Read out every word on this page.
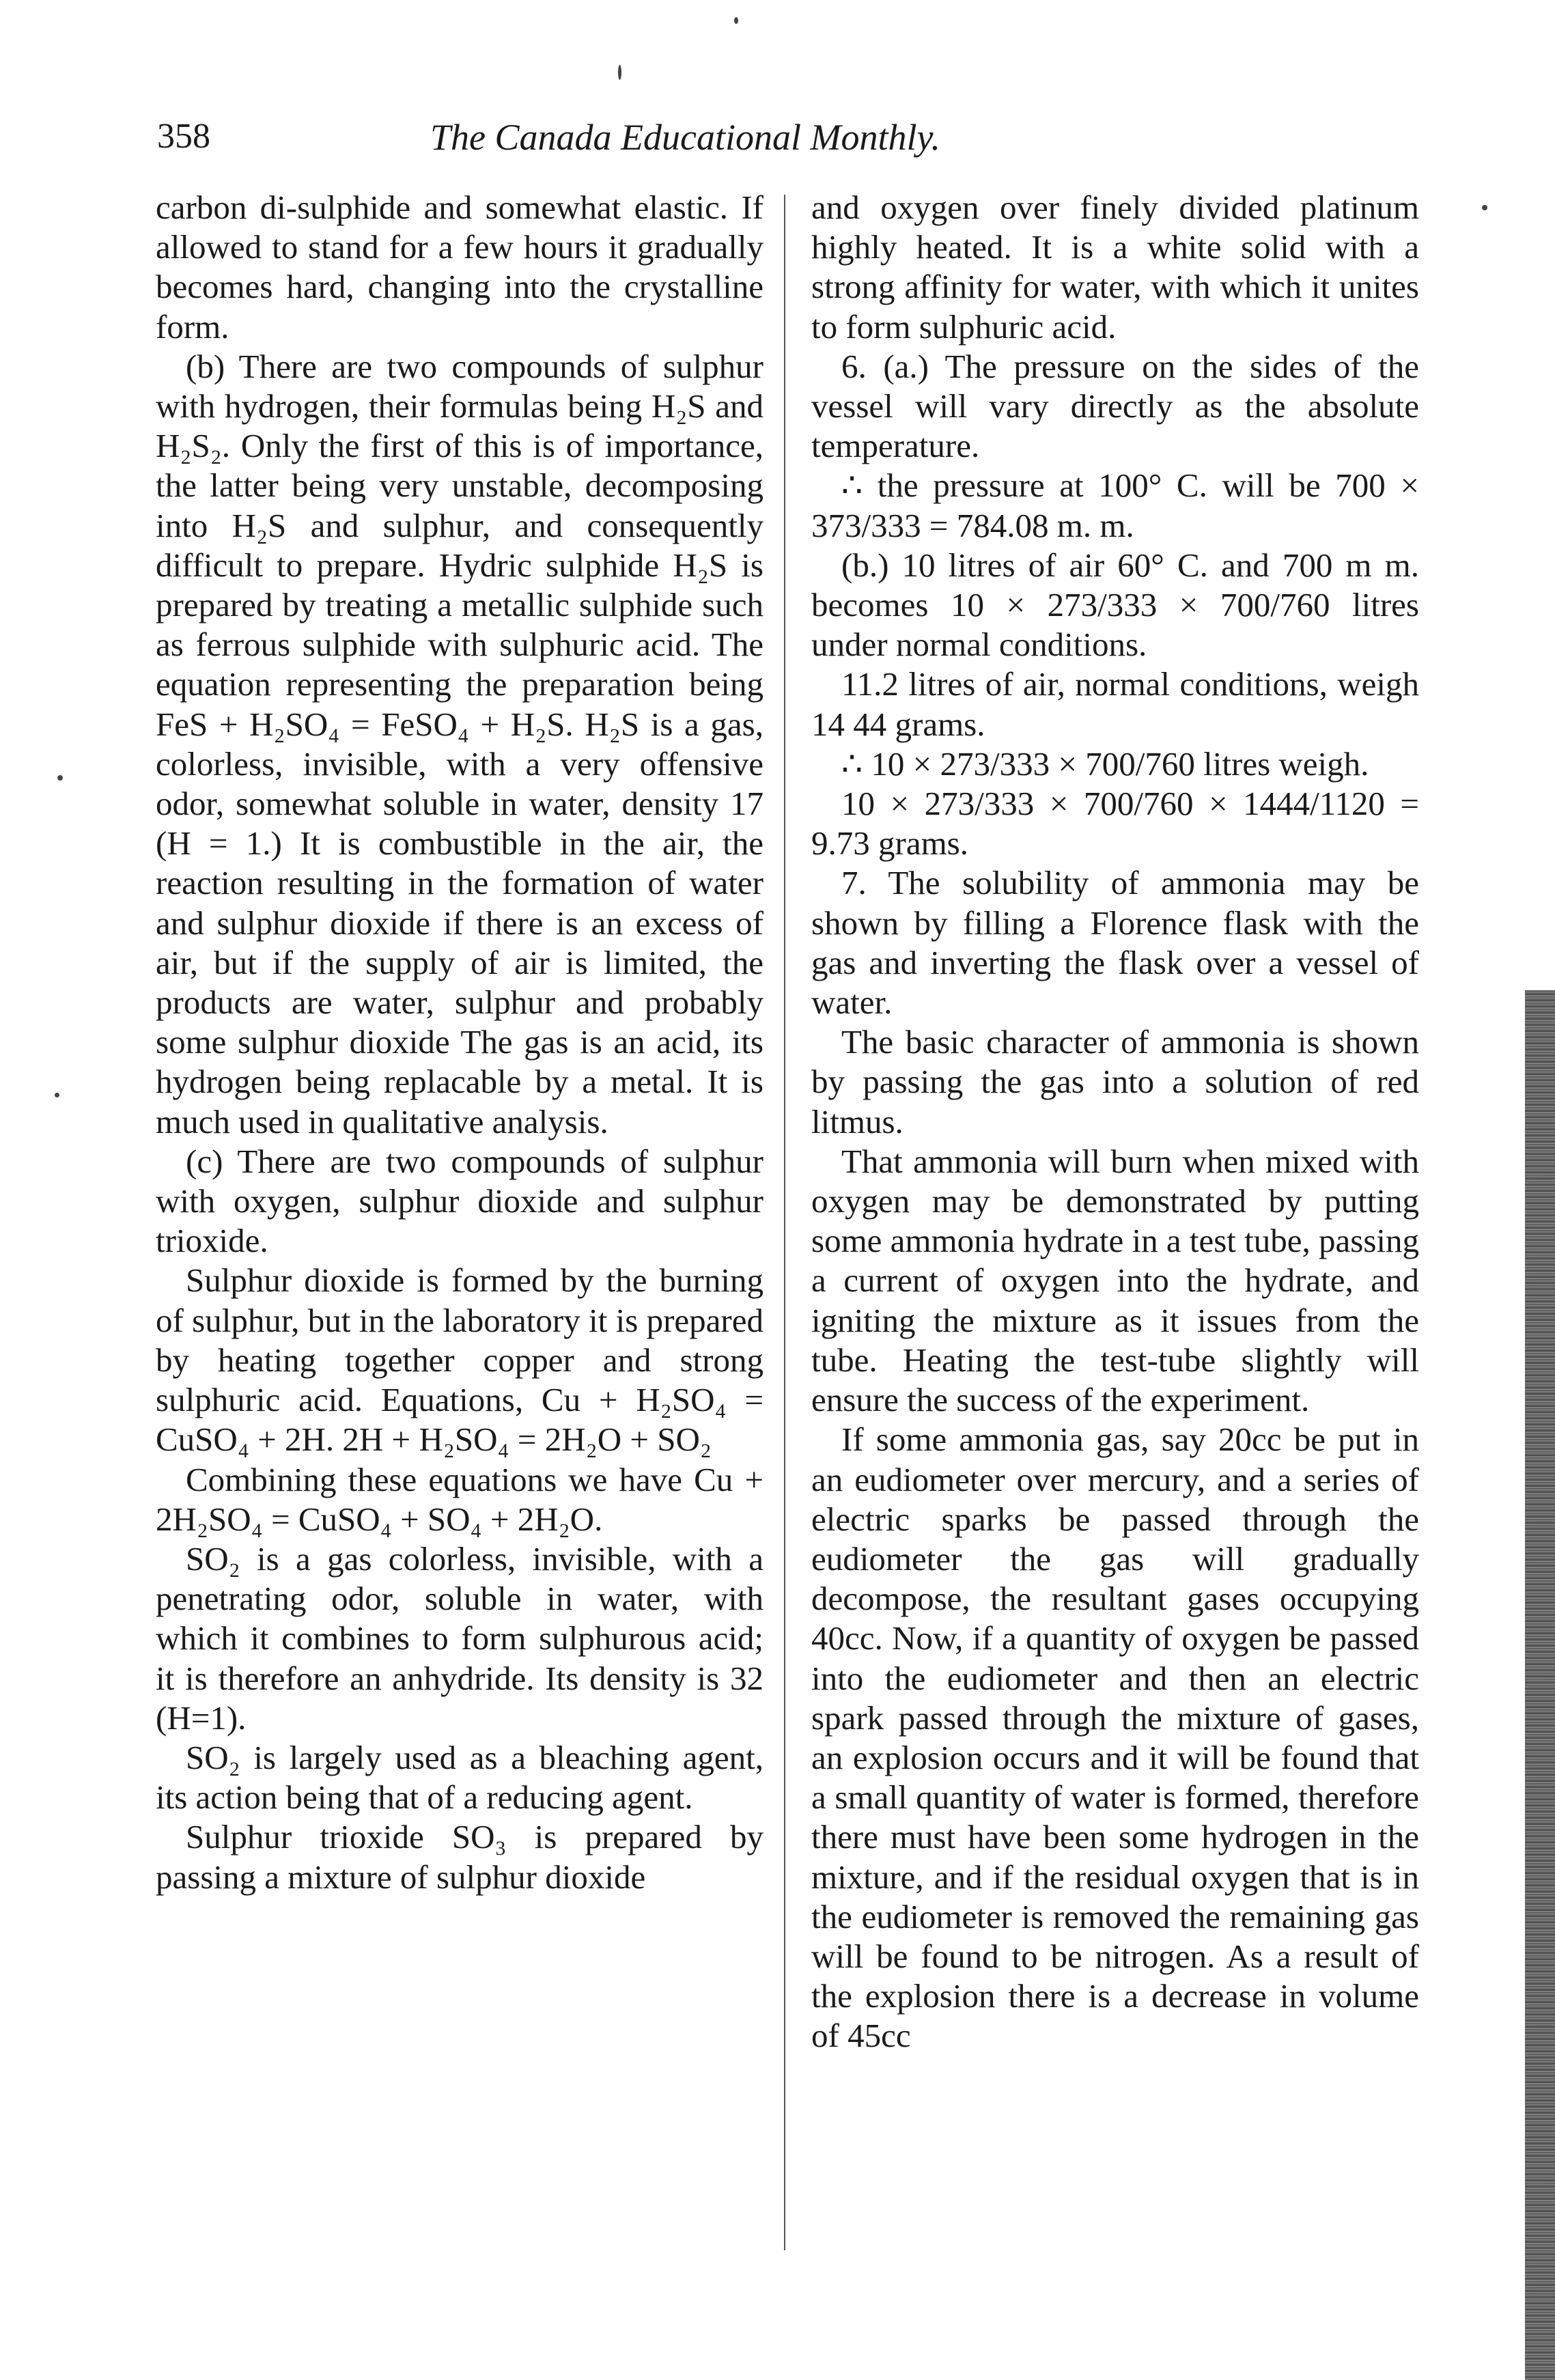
358	The Canada Educational Monthly.

carbon di-sulphide and somewhat elastic. If allowed to stand for a few hours it gradually becomes hard, changing into the crystalline form.

(b) There are two compounds of sulphur with hydrogen, their formulas being H₂S and H₂S₂. Only the first of this is of importance, the latter being very unstable, decomposing into H₂S and sulphur, and consequently difficult to prepare. Hydric sulphide H₂S is prepared by treating a metallic sulphide such as ferrous sulphide with sulphuric acid. The equation representing the preparation being FeS + H₂SO₄ = FeSO₄ + H₂S. H₂S is a gas, colorless, invisible, with a very offensive odor, somewhat soluble in water, density 17 (H = 1.) It is combustible in the air, the reaction resulting in the formation of water and sulphur dioxide if there is an excess of air, but if the supply of air is limited, the products are water, sulphur and probably some sulphur dioxide The gas is an acid, its hydrogen being replacable by a metal. It is much used in qualitative analysis.

(c) There are two compounds of sulphur with oxygen, sulphur dioxide and sulphur trioxide.

Sulphur dioxide is formed by the burning of sulphur, but in the laboratory it is prepared by heating together copper and strong sulphuric acid. Equations, Cu + H₂SO₄ = CuSO₄ + 2H. 2H + H₂SO₄ = 2H₂O + SO₂

Combining these equations we have Cu + 2H₂SO₄ = CuSO₄ + SO₄ + 2H₂O.

SO₂ is a gas colorless, invisible, with a penetrating odor, soluble in water, with which it combines to form sulphurous acid; it is therefore an anhydride. Its density is 32 (H=1).

SO₂ is largely used as a bleaching agent, its action being that of a reducing agent.

Sulphur trioxide SO₃ is prepared by passing a mixture of sulphur dioxide

and oxygen over finely divided platinum highly heated. It is a white solid with a strong affinity for water, with which it unites to form sulphuric acid.

6. (a.) The pressure on the sides of the vessel will vary directly as the absolute temperature.

∴ the pressure at 100° C. will be 700 × 373/333 = 784.08 m. m.

(b.) 10 litres of air 60° C. and 700 m m. becomes 10 × 273/333 × 700/760 litres under normal conditions.

11.2 litres of air, normal conditions, weigh 14 44 grams.

∴ 10 × 273/333 × 700/760 litres weigh.

10 × 273/333 × 700/760 × 1444/1120 = 9.73 grams.

7. The solubility of ammonia may be shown by filling a Florence flask with the gas and inverting the flask over a vessel of water.

The basic character of ammonia is shown by passing the gas into a solution of red litmus.

That ammonia will burn when mixed with oxygen may be demonstrated by putting some ammonia hydrate in a test tube, passing a current of oxygen into the hydrate, and igniting the mixture as it issues from the tube. Heating the test-tube slightly will ensure the success of the experiment.

If some ammonia gas, say 20cc be put in an eudiometer over mercury, and a series of electric sparks be passed through the eudiometer the gas will gradually decompose, the resultant gases occupying 40cc. Now, if a quantity of oxygen be passed into the eudiometer and then an electric spark passed through the mixture of gases, an explosion occurs and it will be found that a small quantity of water is formed, therefore there must have been some hydrogen in the mixture, and if the residual oxygen that is in the eudiometer is removed the remaining gas will be found to be nitrogen. As a result of the explosion there is a decrease in volume of 45cc
